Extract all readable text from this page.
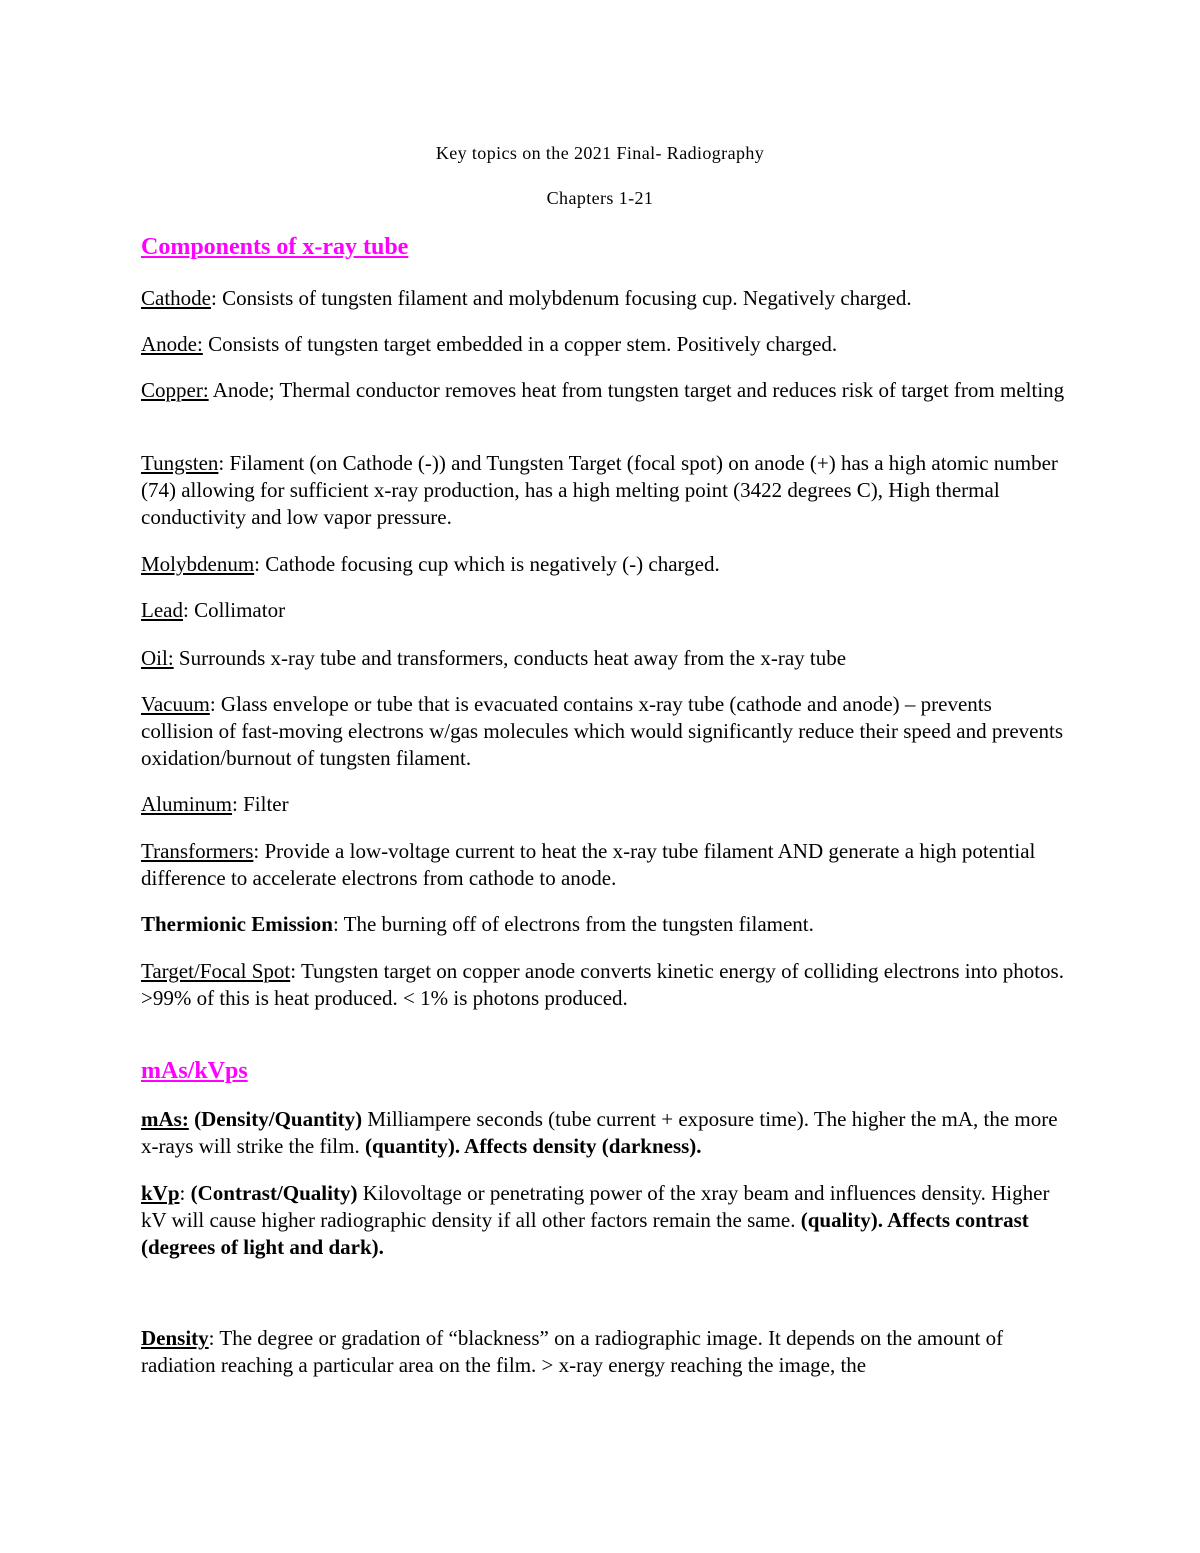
Key topics on the 2021 Final- Radiography
Chapters 1-21
Components of x-ray tube

Cathode: Consists of tungsten filament and molybdenum focusing cup. Negatively charged.

Anode: Consists of tungsten target embedded in a copper stem. Positively charged.

Copper: Anode; Thermal conductor removes heat from tungsten target and reduces risk of target from melting

Tungsten: Filament (on Cathode (-)) and Tungsten Target (focal spot) on anode (+) has a high atomic number (74) allowing for sufficient x-ray production, has a high melting point (3422 degrees C), High thermal conductivity and low vapor pressure.

Molybdenum: Cathode focusing cup which is negatively (-) charged.

Lead: Collimator

Oil: Surrounds x-ray tube and transformers, conducts heat away from the x-ray tube

Vacuum: Glass envelope or tube that is evacuated contains x-ray tube (cathode and anode) – prevents collision of fast-moving electrons w/gas molecules which would significantly reduce their speed and prevents oxidation/burnout of tungsten filament.

Aluminum: Filter

Transformers: Provide a low-voltage current to heat the x-ray tube filament AND generate a high potential difference to accelerate electrons from cathode to anode.

Thermionic Emission: The burning off of electrons from the tungsten filament.

Target/Focal Spot: Tungsten target on copper anode converts kinetic energy of colliding electrons into photos. >99% of this is heat produced. < 1% is photons produced.

mAs/kVps

mAs: (Density/Quantity) Milliampere seconds (tube current + exposure time). The higher the mA, the more x-rays will strike the film. (quantity). Affects density (darkness).

kVp: (Contrast/Quality) Kilovoltage or penetrating power of the xray beam and influences density. Higher kV will cause higher radiographic density if all other factors remain the same. (quality). Affects contrast (degrees of light and dark).

Density: The degree or gradation of “blackness” on a radiographic image. It depends on the amount of radiation reaching a particular area on the film. > x-ray energy reaching the image, the
